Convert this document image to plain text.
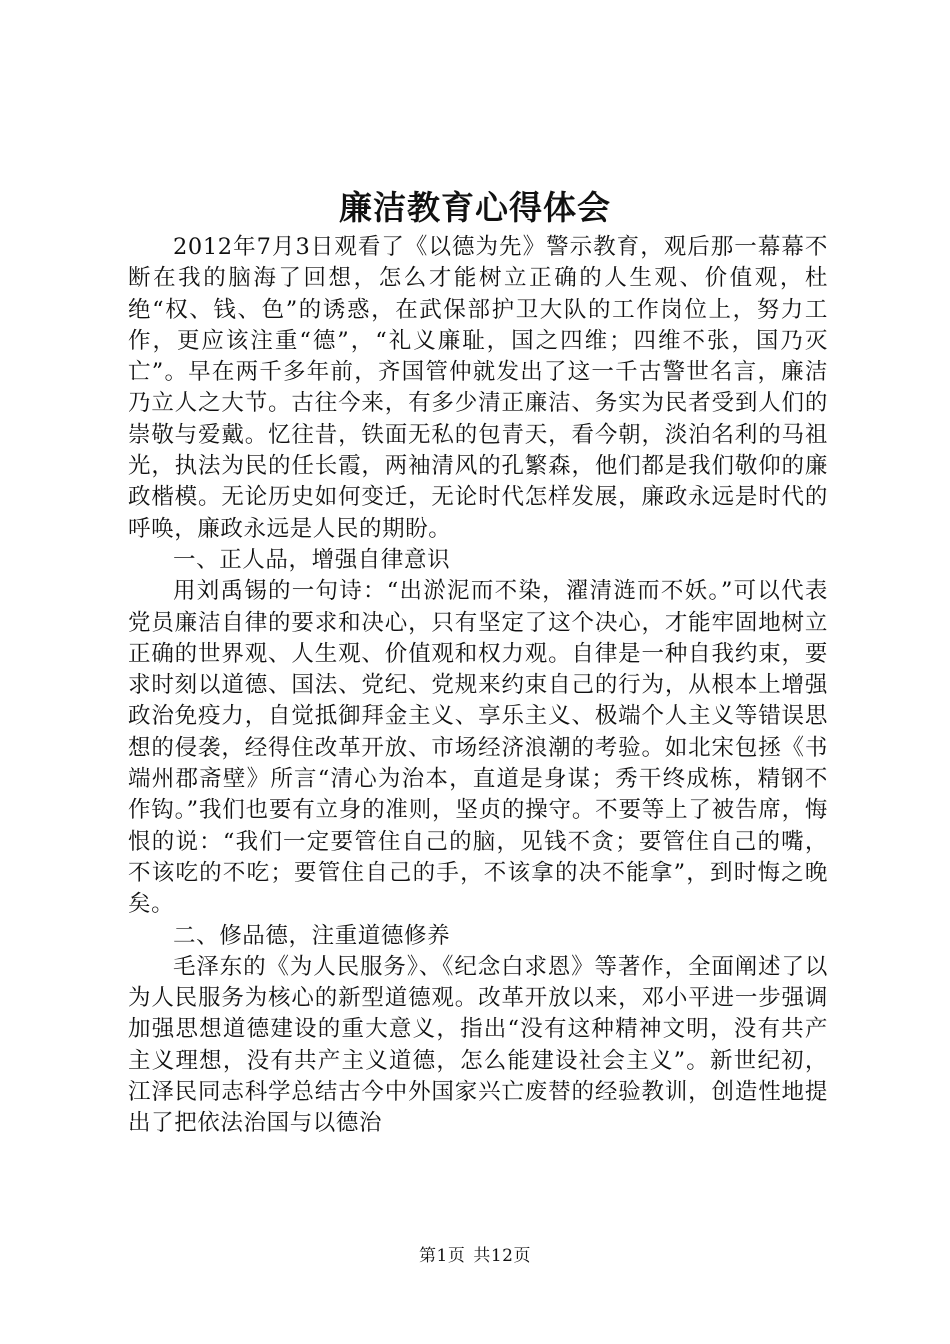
廉洁教育心得体会

2012年7月3日观看了《以德为先》警示教育，观后那一幕幕不断在我的脑海了回想，怎么才能树立正确的人生观、价值观，杜绝“权、钱、色”的诱惑，在武保部护卫大队的工作岗位上，努力工作，更应该注重“德”，“礼义廉耻，国之四维；四维不张，国乃灭亡”。早在两千多年前，齐国管仲就发出了这一千古警世名言，廉洁乃立人之大节。古往今来，有多少清正廉洁、务实为民者受到人们的崇敬与爱戴。忆往昔，铁面无私的包青天，看今朝，淡泊名利的马祖光，执法为民的任长霞，两袖清风的孔繁森，他们都是我们敬仰的廉政楷模。无论历史如何变迁，无论时代怎样发展，廉政永远是时代的呼唤，廉政永远是人民的期盼。

一、正人品，增强自律意识

用刘禹锡的一句诗：“出淤泥而不染，濯清涟而不妖。”可以代表党员廉洁自律的要求和决心，只有坚定了这个决心，才能牢固地树立正确的世界观、人生观、价值观和权力观。自律是一种自我约束，要求时刻以道德、国法、党纪、党规来约束自己的行为，从根本上增强政治免疫力，自觉抵御拜金主义、享乐主义、极端个人主义等错误思想的侵袭，经得住改革开放、市场经济浪潮的考验。如北宋包拯《书端州郡斋壁》所言“清心为治本，直道是身谋；秀干终成栋，精钢不作钩。”我们也要有立身的准则，坚贞的操守。不要等上了被告席，悔恨的说：“我们一定要管住自己的脑，见钱不贪；要管住自己的嘴，不该吃的不吃；要管住自己的手，不该拿的决不能拿”，到时悔之晚矣。

二、修品德，注重道德修养

毛泽东的《为人民服务》、《纪念白求恩》等著作，全面阐述了以为人民服务为核心的新型道德观。改革开放以来，邓小平进一步强调加强思想道德建设的重大意义，指出“没有这种精神文明，没有共产主义理想，没有共产主义道德，怎么能建设社会主义”。新世纪初，江泽民同志科学总结古今中外国家兴亡废替的经验教训，创造性地提出了把依法治国与以德治

第1页 共12页
